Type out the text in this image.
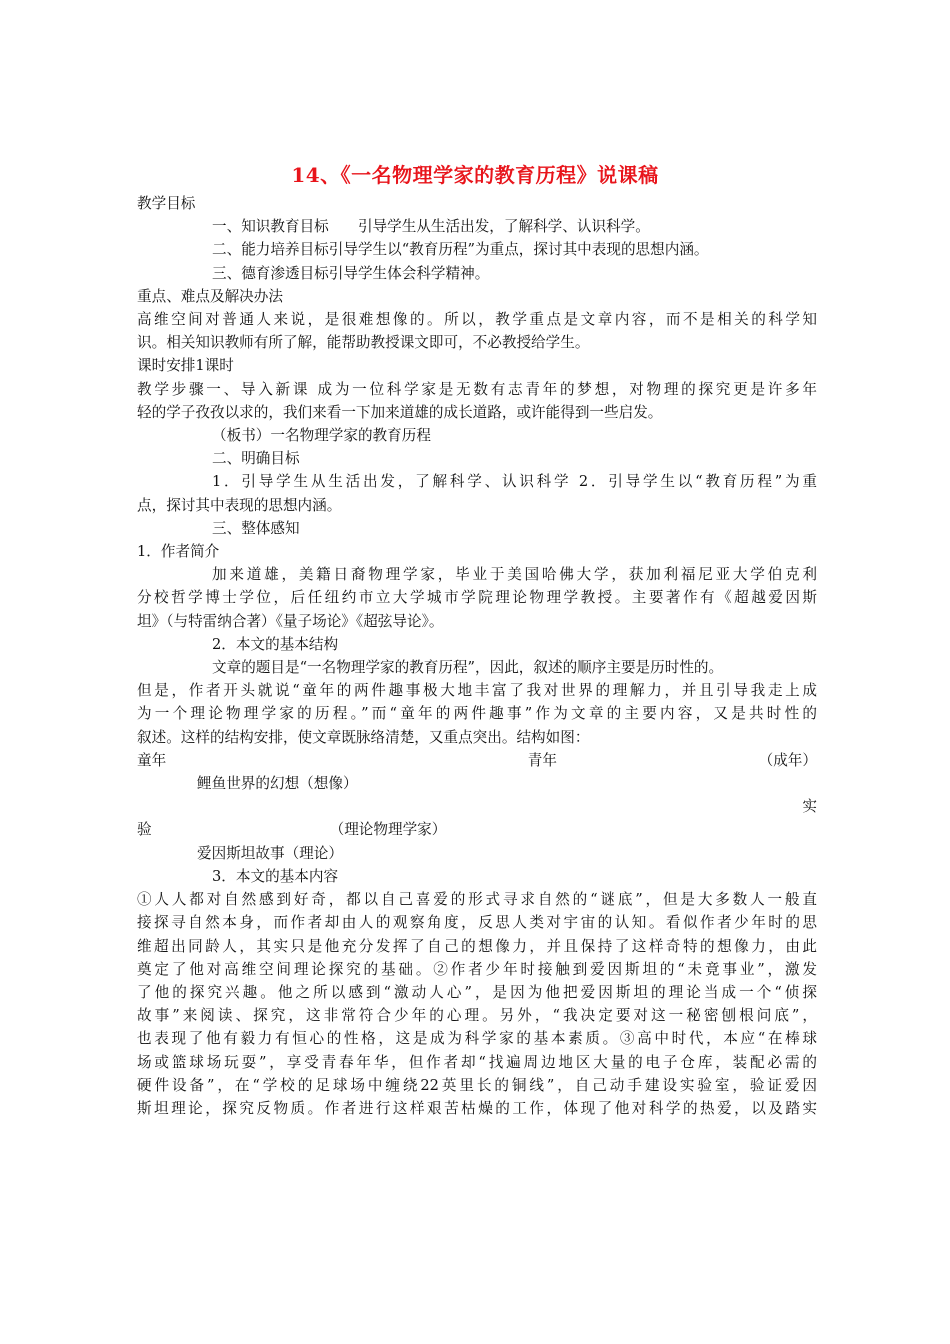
14、《一名物理学家的教育历程》说课稿

教学目标

一、知识教育目标　　引导学生从生活出发，了解科学、认识科学。

二、能力培养目标引导学生以“教育历程”为重点，探讨其中表现的思想内涵。

三、德育渗透目标引导学生体会科学精神。

重点、难点及解决办法

高维空间对普通人来说，是很难想像的。所以，教学重点是文章内容，而不是相关的科学知

识。相关知识教师有所了解，能帮助教授课文即可，不必教授给学生。

课时安排1课时

教学步骤一、导入新课 成为一位科学家是无数有志青年的梦想，对物理的探究更是许多年

轻的学子孜孜以求的，我们来看一下加来道雄的成长道路，或许能得到一些启发。

（板书）一名物理学家的教育历程

二、明确目标

1．引导学生从生活出发，了解科学、认识科学 2．引导学生以“教育历程”为重

点，探讨其中表现的思想内涵。

三、整体感知

1．作者简介

加来道雄，美籍日裔物理学家，毕业于美国哈佛大学，获加利福尼亚大学伯克利

分校哲学博士学位，后任纽约市立大学城市学院理论物理学教授。主要著作有《超越爱因斯

坦》（与特雷纳合著）《量子场论》《超弦导论》。

2．本文的基本结构

文章的题目是“一名物理学家的教育历程”，因此，叙述的顺序主要是历时性的。

但是，作者开头就说“童年的两件趣事极大地丰富了我对世界的理解力，并且引导我走上成

为一个理论物理学家的历程。”而“童年的两件趣事”作为文章的主要内容，又是共时性的

叙述。这样的结构安排，使文章既脉络清楚，又重点突出。结构如图：

童年	青年	（成年）

鲤鱼世界的幻想（想像）

实

验	（理论物理学家）

爱因斯坦故事（理论）

3．本文的基本内容

①人人都对自然感到好奇，都以自己喜爱的形式寻求自然的“谜底”，但是大多数人一般直

接探寻自然本身，而作者却由人的观察角度，反思人类对宇宙的认知。看似作者少年时的思

维超出同龄人，其实只是他充分发挥了自己的想像力，并且保持了这样奇特的想像力，由此

奠定了他对高维空间理论探究的基础。②作者少年时接触到爱因斯坦的“未竟事业”，激发

了他的探究兴趣。他之所以感到“激动人心”，是因为他把爱因斯坦的理论当成一个“侦探

故事”来阅读、探究，这非常符合少年的心理。另外，“我决定要对这一秘密刨根问底”，

也表现了他有毅力有恒心的性格，这是成为科学家的基本素质。③高中时代，本应“在棒球

场或篮球场玩耍”，享受青春年华，但作者却“找遍周边地区大量的电子仓库，装配必需的

硬件设备”，在“学校的足球场中缠绕22英里长的铜线”，自己动手建设实验室，验证爱因

斯坦理论，探究反物质。作者进行这样艰苦枯燥的工作，体现了他对科学的热爱，以及踏实
